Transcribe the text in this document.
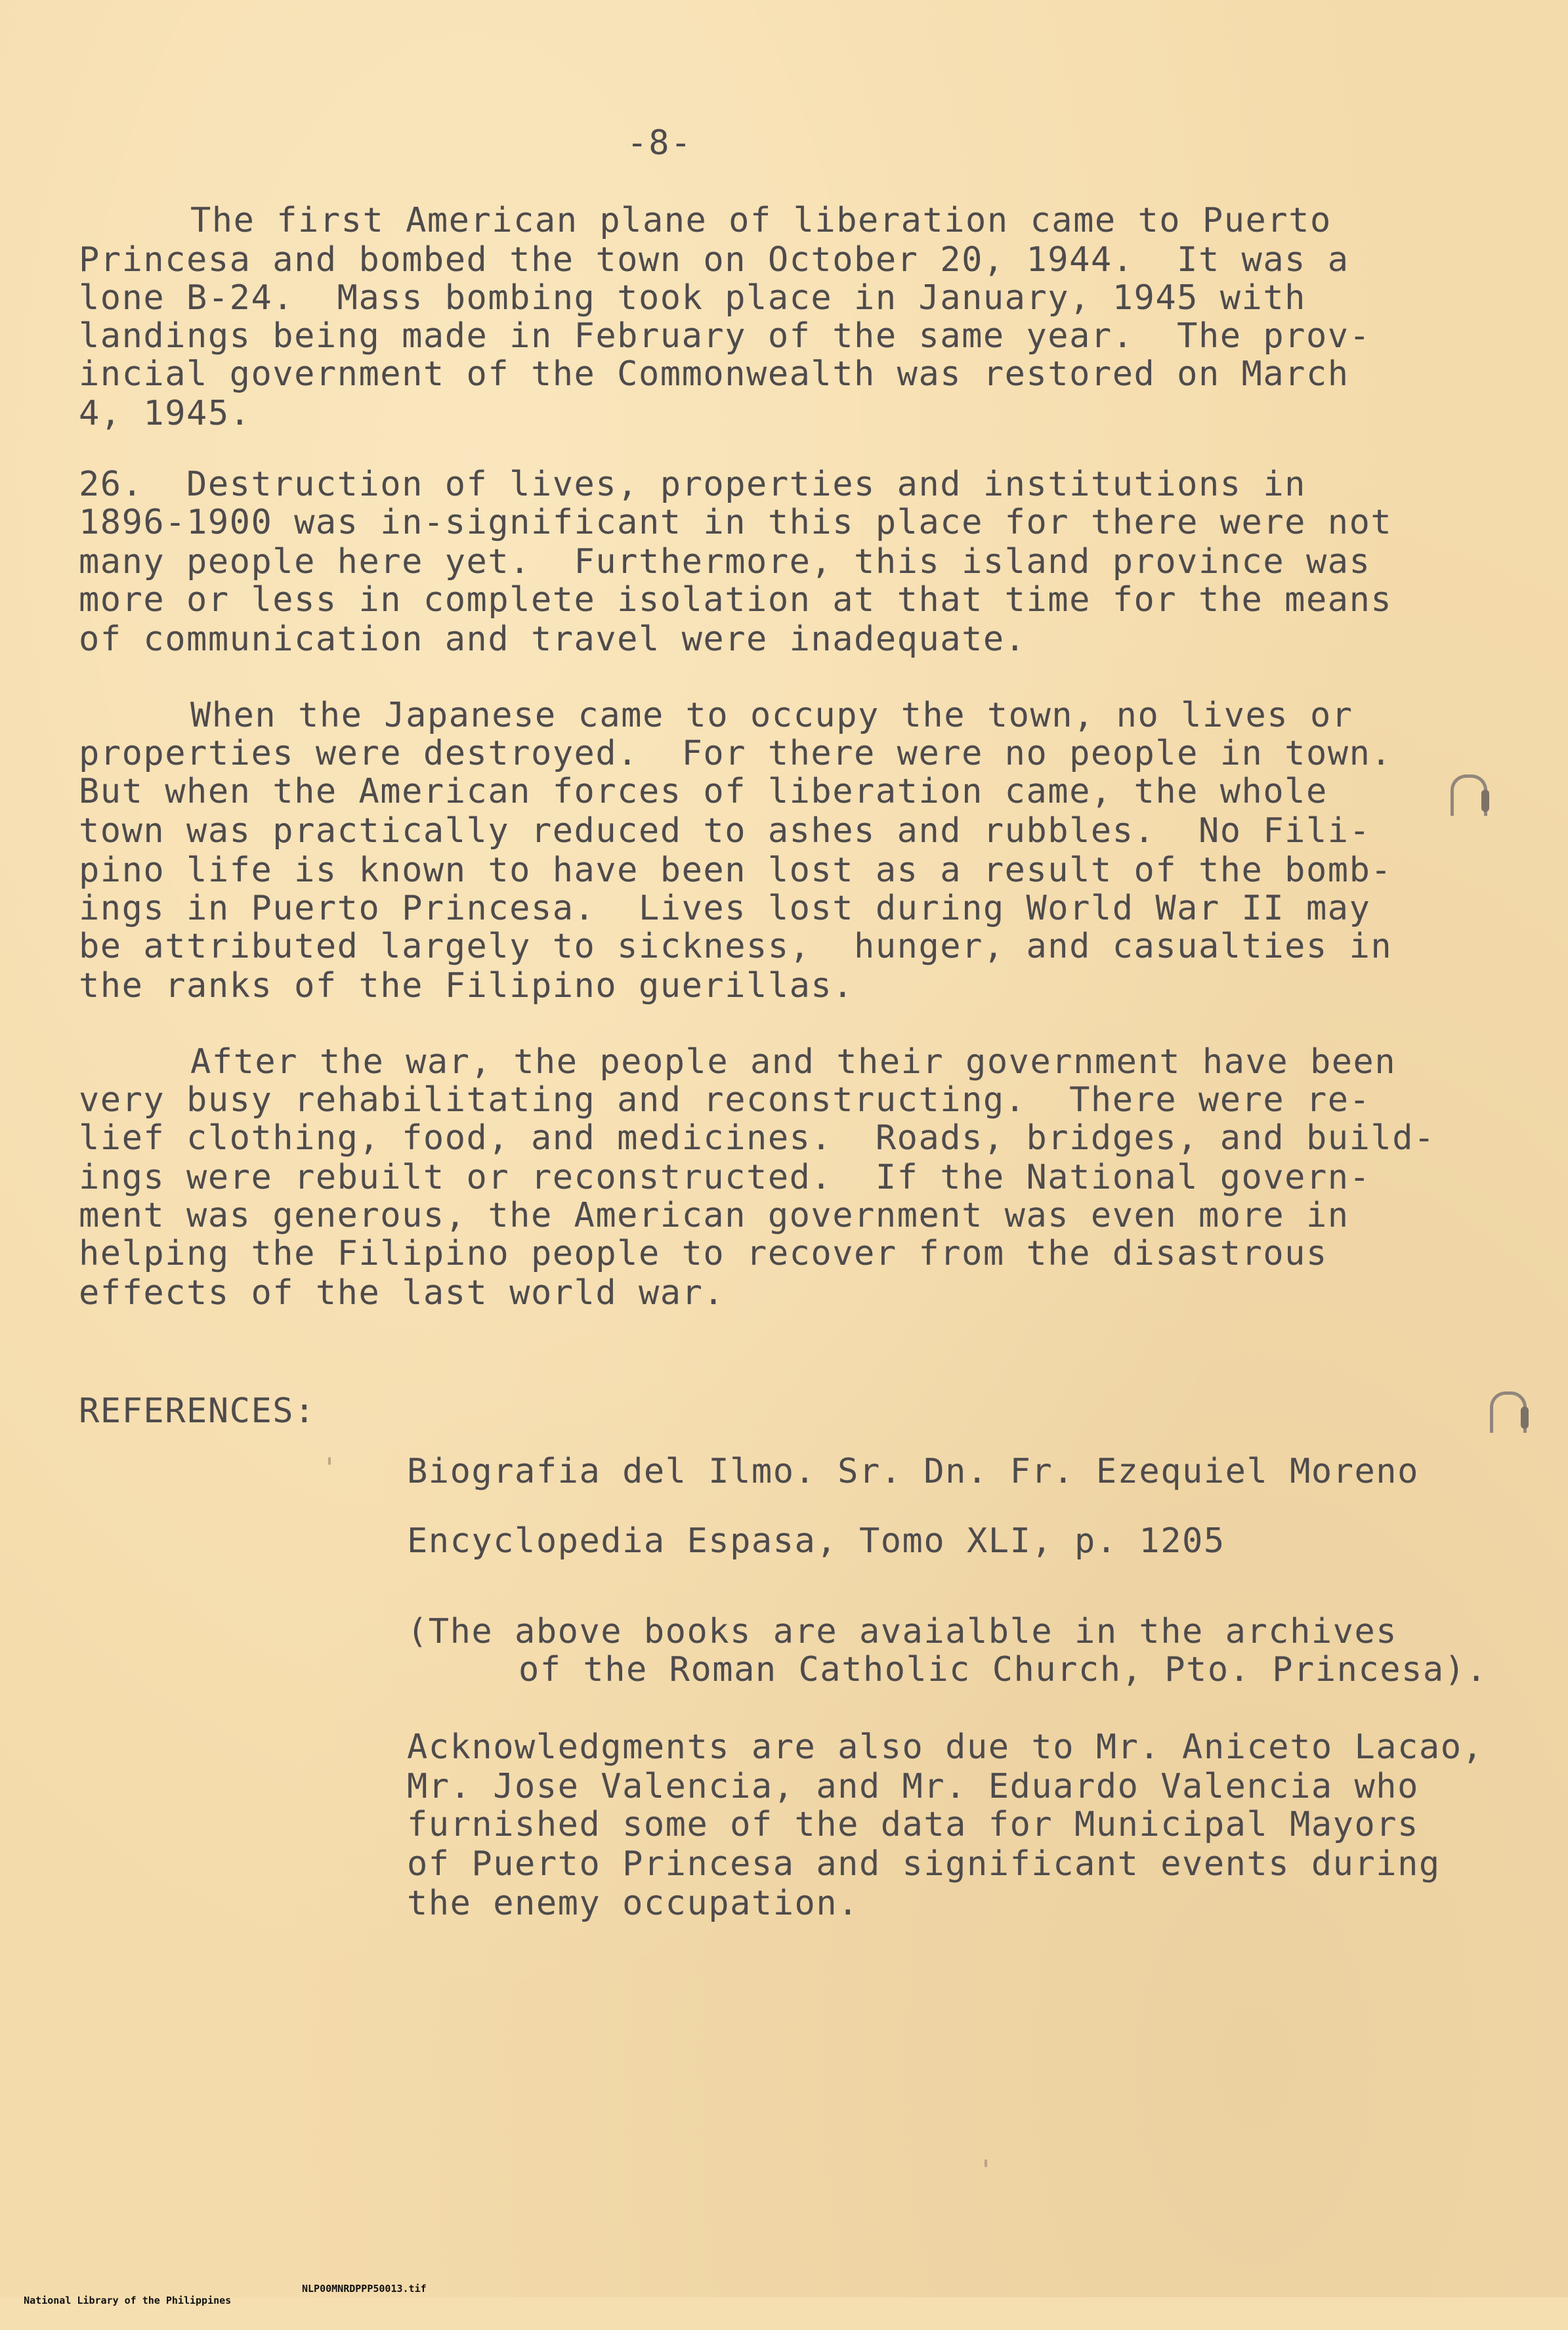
-8-
The first American plane of liberation came to Puerto
Princesa and bombed the town on October 20, 1944.  It was a
lone B-24.  Mass bombing took place in January, 1945 with
landings being made in February of the same year.  The prov-
incial government of the Commonwealth was restored on March
4, 1945.
26.  Destruction of lives, properties and institutions in
1896-1900 was in-significant in this place for there were not
many people here yet.  Furthermore, this island province was
more or less in complete isolation at that time for the means
of communication and travel were inadequate.
When the Japanese came to occupy the town, no lives or
properties were destroyed.  For there were no people in town.
But when the American forces of liberation came, the whole
town was practically reduced to ashes and rubbles.  No Fili-
pino life is known to have been lost as a result of the bomb-
ings in Puerto Princesa.  Lives lost during World War II may
be attributed largely to sickness,  hunger, and casualties in
the ranks of the Filipino guerillas.
After the war, the people and their government have been
very busy rehabilitating and reconstructing.  There were re-
lief clothing, food, and medicines.  Roads, bridges, and build-
ings were rebuilt or reconstructed.  If the National govern-
ment was generous, the American government was even more in
helping the Filipino people to recover from the disastrous
effects of the last world war.
REFERENCES:
Biografia del Ilmo. Sr. Dn. Fr. Ezequiel Moreno
Encyclopedia Espasa, Tomo XLI, p. 1205
(The above books are avaialble in the archives
of the Roman Catholic Church, Pto. Princesa).
Acknowledgments are also due to Mr. Aniceto Lacao,
Mr. Jose Valencia, and Mr. Eduardo Valencia who
furnished some of the data for Municipal Mayors
of Puerto Princesa and significant events during
the enemy occupation.

National Library of the Philippines

NLP00MNRDPPP50013.tif
